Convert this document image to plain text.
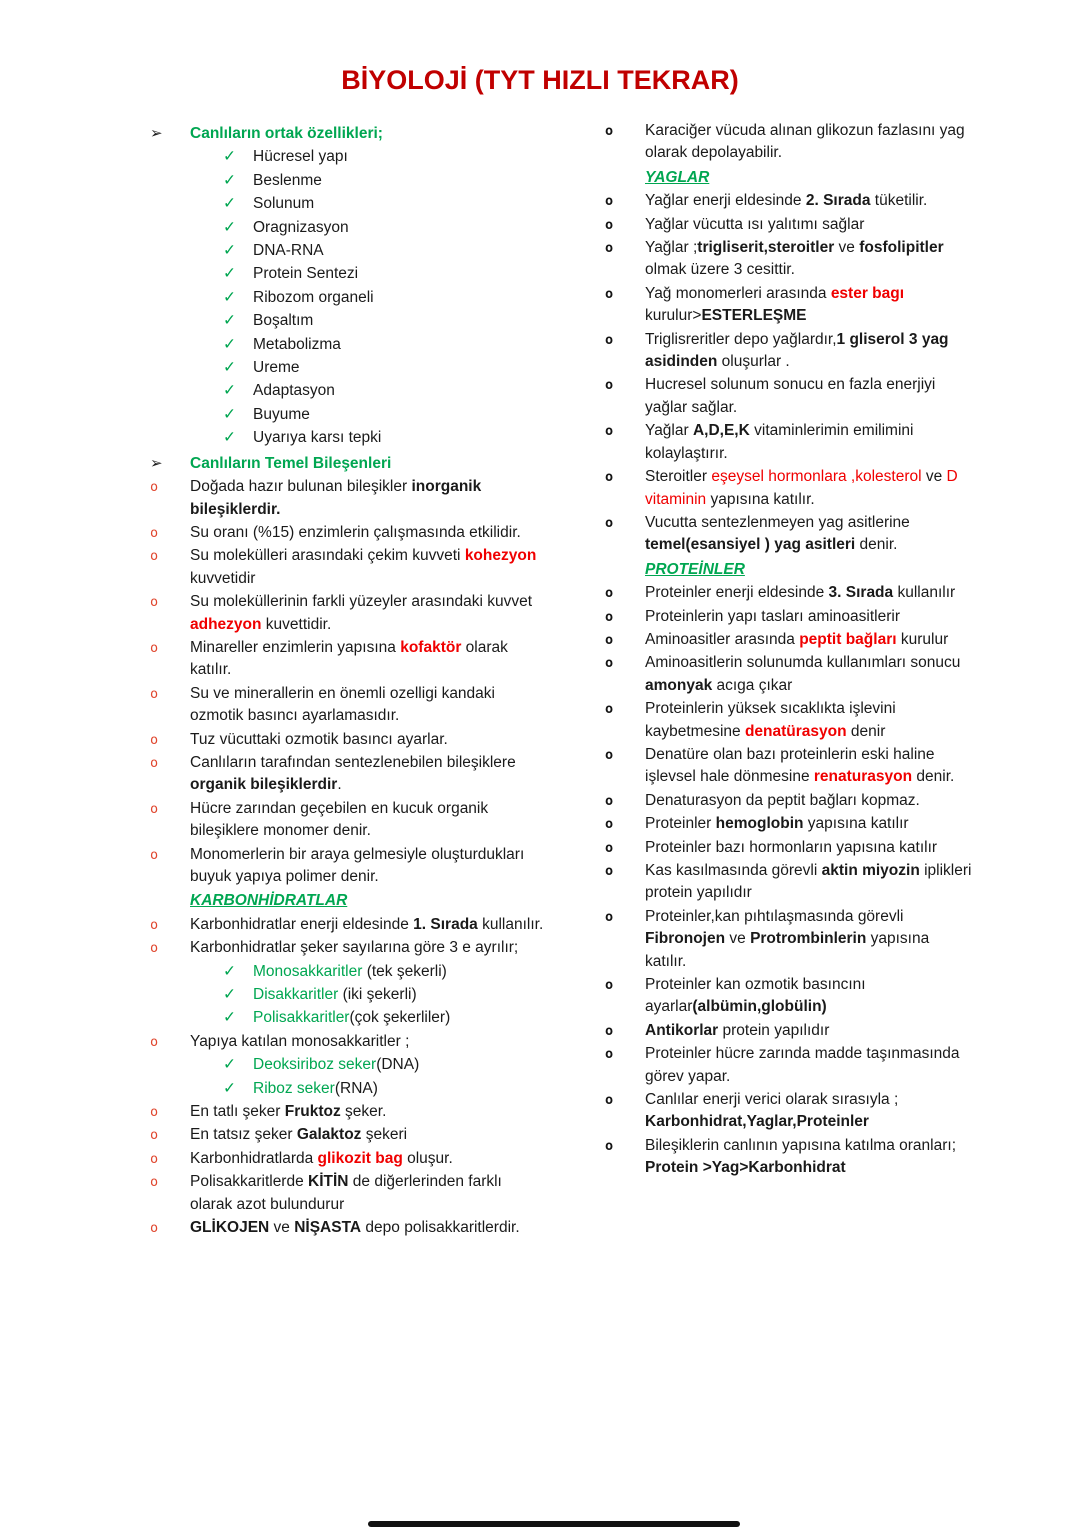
BİYOLOJİ (TYT HIZLI TEKRAR)
➢	Canlıların ortak özellikleri;
✓	Hücresel yapı
✓	Beslenme
✓	Solunum
✓	Oragnizasyon
✓	DNA-RNA
✓	Protein Sentezi
✓	Ribozom organeli
✓	Boşaltım
✓	Metabolizma
✓	Ureme
✓	Adaptasyon
✓	Buyume
✓	Uyarıya karsı tepki
➢	Canlıların Temel Bileşenleri
o	Doğada hazır bulunan bileşikler inorganik bileşiklerdir.
o	Su oranı (%15) enzimlerin çalışmasında etkilidir.
o	Su molekülleri arasındaki çekim kuvveti kohezyon kuvvetidir
o	Su moleküllerinin farkli yüzeyler arasındaki kuvvet adhezyon kuvettidir.
o	Minareller enzimlerin yapısına kofaktör olarak katılır.
o	Su ve minerallerin en önemli ozelligi kandaki ozmotik basıncı ayarlamasıdır.
o	Tuz vücuttaki ozmotik basıncı ayarlar.
o	Canlıların tarafından sentezlenebilen bileşiklere organik bileşiklerdir.
o	Hücre zarından geçebilen en kucuk organik bileşiklere monomer denir.
o	Monomerlerin bir araya gelmesiyle oluşturdukları buyuk yapıya polimer denir.
KARBONHİDRATLAR
o	Karbonhidratlar enerji eldesinde 1. Sırada kullanılır.
o	Karbonhidratlar şeker sayılarına göre 3 e ayrılır;
✓	Monosakkaritler (tek şekerli)
✓	Disakkaritler (iki şekerli)
✓	Polisakkaritler(çok şekerliler)
o	Yapıya katılan monosakkaritler ;
✓	Deoksiriboz seker(DNA)
✓	Riboz seker(RNA)
o	En tatlı şeker Fruktoz şeker.
o	En tatsız şeker Galaktoz şekeri
o	Karbonhidratlarda glikozit bag oluşur.
o	Polisakkaritlerde KİTİN de diğerlerinden farklı olarak azot bulundurur
o	GLİKOJEN ve NİŞASTA depo polisakkaritlerdir.
o	Karaciğer vücuda alınan glikozun fazlasını yag olarak depolayabilir.
YAGLAR
o	Yağlar enerji eldesinde 2. Sırada tüketilir.
o	Yağlar vücutta ısı yalıtımı sağlar
o	Yağlar ;trigliserit,steroitler ve fosfolipitler olmak üzere 3 cesittir.
o	Yağ monomerleri arasında ester bagı kurulur>ESTERLEŞME
o	Triglisreritler depo yağlardır,1 gliserol 3 yag asidinden oluşurlar .
o	Hucresel solunum sonucu en fazla enerjiyi yağlar sağlar.
o	Yağlar A,D,E,K vitaminlerimin emilimini kolaylaştırır.
o	Steroitler eşeysel hormonlara ,kolesterol ve D vitaminin yapısına katılır.
o	Vucutta sentezlenmeyen yag asitlerine temel(esansiyel ) yag asitleri denir.
PROTEİNLER
o	Proteinler enerji eldesinde 3. Sırada kullanılır
o	Proteinlerin yapı tasları aminoasitlerir
o	Aminoasitler arasında peptit bağları kurulur
o	Aminoasitlerin solunumda kullanımları sonucu amonyak acıga çıkar
o	Proteinlerin yüksek sıcaklıkta işlevini kaybetmesine denatürasyon denir
o	Denatüre olan bazı proteinlerin eski haline işlevsel hale dönmesine renaturasyon denir.
o	Denaturasyon da peptit bağları kopmaz.
o	Proteinler hemoglobin yapısına katılır
o	Proteinler bazı hormonların yapısına katılır
o	Kas kasılmasında görevli aktin miyozin iplikleri protein yapılıdır
o	Proteinler,kan pıhtılaşmasında görevli Fibronojen ve Protrombinlerin yapısına katılır.
o	Proteinler kan ozmotik basıncını ayarlar(albümin,globülin)
o	Antikorlar protein yapılıdır
o	Proteinler hücre zarında madde taşınmasında görev yapar.
o	Canlılar enerji verici olarak sırasıyla ; Karbonhidrat,Yaglar,Proteinler
o	Bileşiklerin canlının yapısına katılma oranları; Protein >Yag>Karbonhidrat
